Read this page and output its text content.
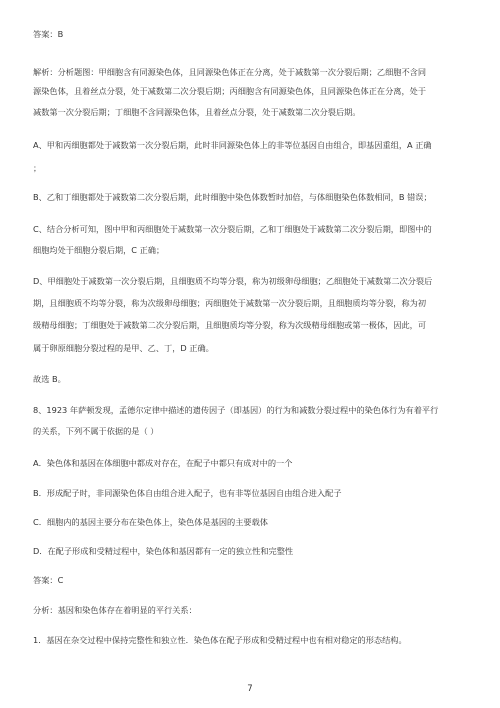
答案：B
解析：分析题图：甲细胞含有同源染色体，且同源染色体正在分离，处于减数第一次分裂后期；乙细胞不含同
源染色体，且着丝点分裂，处于减数第二次分裂后期；丙细胞含有同源染色体，且同源染色体正在分离，处于
减数第一次分裂后期；丁细胞不含同源染色体，且着丝点分裂，处于减数第二次分裂后期。
A、甲和丙细胞都处于减数第一次分裂后期，此时非同源染色体上的非等位基因自由组合，即基因重组，A 正确
；
B、乙和丁细胞都处于减数第二次分裂后期，此时细胞中染色体数暂时加倍，与体细胞染色体数相同，B 错误；
C、结合分析可知，图中甲和丙细胞处于减数第一次分裂后期，乙和丁细胞处于减数第二次分裂后期，即图中的
细胞均处于细胞分裂后期，C 正确；
D、甲细胞处于减数第一次分裂后期，且细胞质不均等分裂，称为初级卵母细胞；乙细胞处于减数第二次分裂后
期，且细胞质不均等分裂，称为次级卵母细胞；丙细胞处于减数第一次分裂后期，且细胞质均等分裂，称为初
级精母细胞；丁细胞处于减数第二次分裂后期，且细胞质均等分裂，称为次级精母细胞或第一极体，因此，可
属于卵原细胞分裂过程的是甲、乙、丁，D 正确。
故选 B。
8、1923 年萨顿发现，孟德尔定律中描述的遗传因子（即基因）的行为和减数分裂过程中的染色体行为有着平行
的关系，下列不属于依据的是（ ）
A．染色体和基因在体细胞中都成对存在，在配子中都只有成对中的一个
B．形成配子时，非同源染色体自由组合进入配子，也有非等位基因自由组合进入配子
C．细胞内的基因主要分布在染色体上，染色体是基因的主要载体
D．在配子形成和受精过程中，染色体和基因都有一定的独立性和完整性
答案：C
分析：基因和染色体存在着明显的平行关系：
1．基因在杂交过程中保持完整性和独立性．染色体在配子形成和受精过程中也有相对稳定的形态结构。
7
